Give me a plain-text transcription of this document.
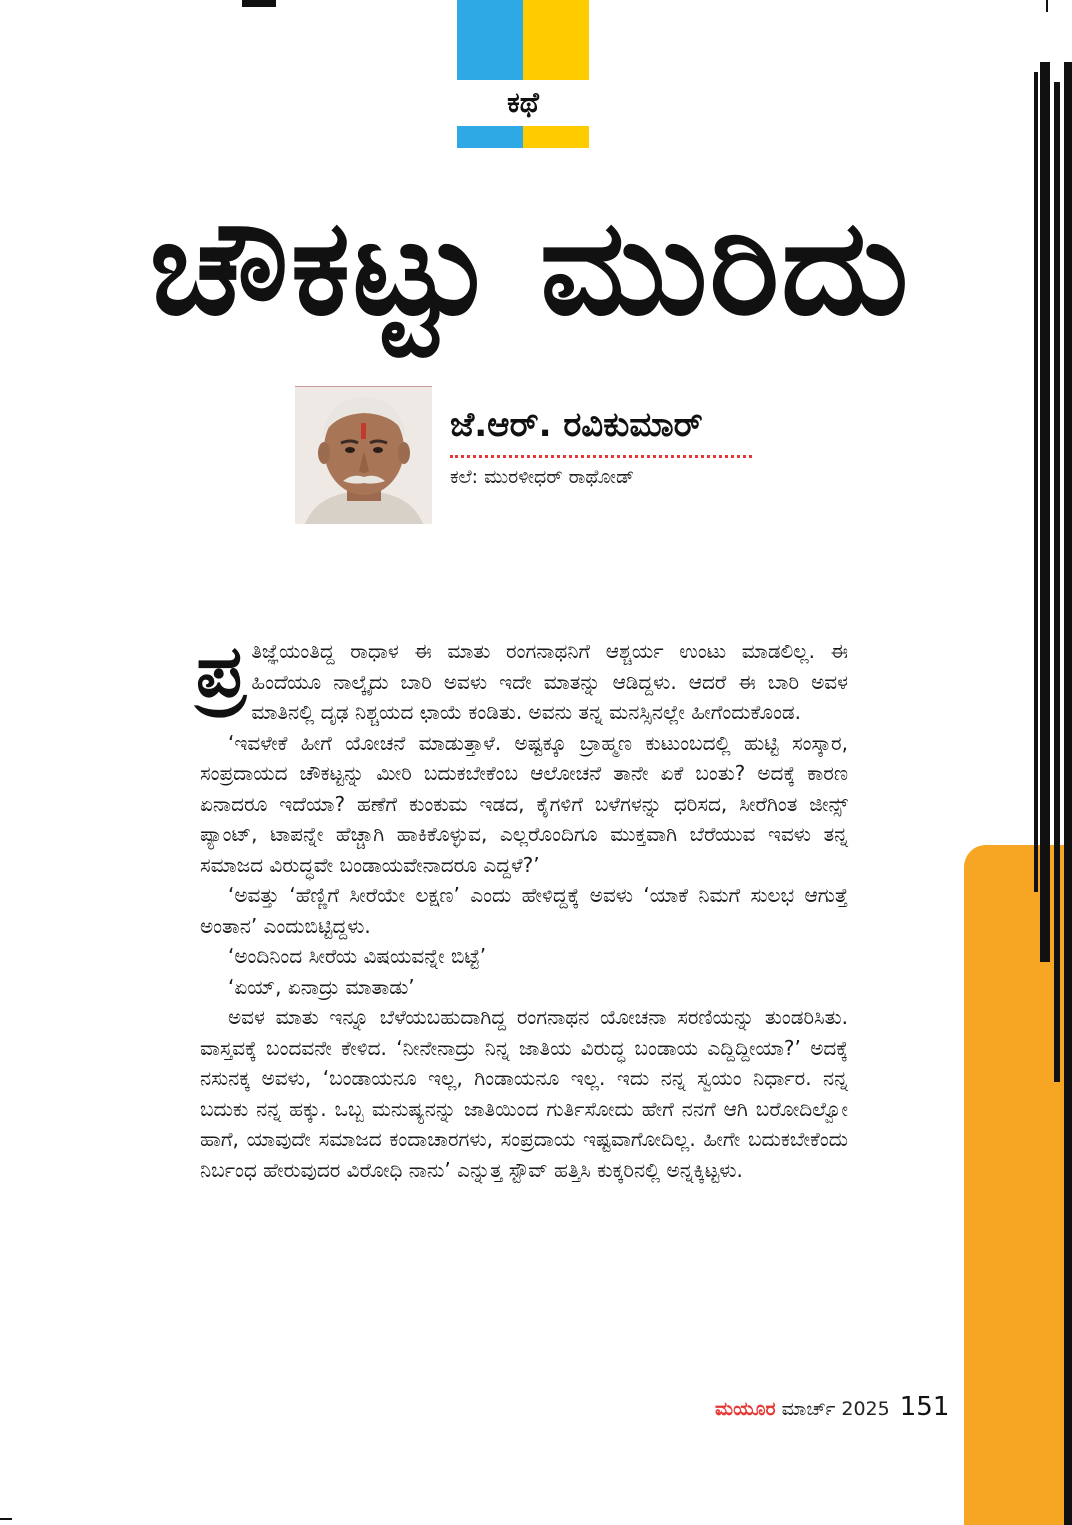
ಕಥೆ
ಚೌಕಟ್ಟು ಮುರಿದು
ಜೆ.ಆರ್. ರವಿಕುಮಾರ್
ಕಲೆ: ಮುರಳೀಧರ್ ರಾಥೋಡ್

ಪ್ರ ತಿಜ್ಞೆಯಂತಿದ್ದ ರಾಧಾಳ ಈ ಮಾತು ರಂಗನಾಥನಿಗೆ ಆಶ್ಚರ್ಯ ಉಂಟು ಮಾಡಲಿಲ್ಲ. ಈ ಹಿಂದೆಯೂ ನಾಲ್ಕೈದು ಬಾರಿ ಅವಳು ಇದೇ ಮಾತನ್ನು ಆಡಿದ್ದಳು. ಆದರೆ ಈ ಬಾರಿ ಅವಳ ಮಾತಿನಲ್ಲಿ ದೃಢ ನಿಶ್ಚಯದ ಛಾಯೆ ಕಂಡಿತು. ಅವನು ತನ್ನ ಮನಸ್ಸಿನಲ್ಲೇ ಹೀಗೆಂದುಕೊಂಡ.

‘ಇವಳೇಕೆ ಹೀಗೆ ಯೋಚನೆ ಮಾಡುತ್ತಾಳೆ. ಅಷ್ಟಕ್ಕೂ ಬ್ರಾಹ್ಮಣ ಕುಟುಂಬದಲ್ಲಿ ಹುಟ್ಟಿ ಸಂಸ್ಕಾರ, ಸಂಪ್ರದಾಯದ ಚೌಕಟ್ಟನ್ನು ಮೀರಿ ಬದುಕಬೇಕೆಂಬ ಆಲೋಚನೆ ತಾನೇ ಏಕೆ ಬಂತು? ಅದಕ್ಕೆ ಕಾರಣ ಏನಾದರೂ ಇದೆಯಾ? ಹಣೆಗೆ ಕುಂಕುಮ ಇಡದ, ಕೈಗಳಿಗೆ ಬಳೆಗಳನ್ನು ಧರಿಸದ, ಸೀರೆಗಿಂತ ಜೀನ್ಸ್ ಪ್ಯಾಂಟ್, ಟಾಪನ್ನೇ ಹೆಚ್ಚಾಗಿ ಹಾಕಿಕೊಳ್ಳುವ, ಎಲ್ಲರೊಂದಿಗೂ ಮುಕ್ತವಾಗಿ ಬೆರೆಯುವ ಇವಳು ತನ್ನ ಸಮಾಜದ ವಿರುದ್ಧವೇ ಬಂಡಾಯವೇನಾದರೂ ಎದ್ದಳೆ?’

‘ಅವತ್ತು ‘ಹೆಣ್ಣಿಗೆ ಸೀರೆಯೇ ಲಕ್ಷಣ’ ಎಂದು ಹೇಳಿದ್ದಕ್ಕೆ ಅವಳು ‘ಯಾಕೆ ನಿಮಗೆ ಸುಲಭ ಆಗುತ್ತೆ ಅಂತಾನ’ ಎಂದುಬಿಟ್ಟಿದ್ದಳು.

‘ಅಂದಿನಿಂದ ಸೀರೆಯ ವಿಷಯವನ್ನೇ ಬಿಟ್ಟೆ’

‘ಏಯ್, ಏನಾದ್ರು ಮಾತಾಡು’

ಅವಳ ಮಾತು ಇನ್ನೂ ಬೆಳೆಯಬಹುದಾಗಿದ್ದ ರಂಗನಾಥನ ಯೋಚನಾ ಸರಣಿಯನ್ನು ತುಂಡರಿಸಿತು. ವಾಸ್ತವಕ್ಕೆ ಬಂದವನೇ ಕೇಳಿದ. ‘ನೀನೇನಾದ್ರು ನಿನ್ನ ಜಾತಿಯ ವಿರುದ್ಧ ಬಂಡಾಯ ಎದ್ದಿದ್ದೀಯಾ?’ ಅದಕ್ಕೆ ನಸುನಕ್ಕ ಅವಳು, ‘ಬಂಡಾಯನೂ ಇಲ್ಲ, ಗಿಂಡಾಯನೂ ಇಲ್ಲ. ಇದು ನನ್ನ ಸ್ವಯಂ ನಿರ್ಧಾರ. ನನ್ನ ಬದುಕು ನನ್ನ ಹಕ್ಕು. ಒಬ್ಬ ಮನುಷ್ಯನನ್ನು ಜಾತಿಯಿಂದ ಗುರ್ತಿಸೋದು ಹೇಗೆ ನನಗೆ ಆಗಿ ಬರೋದಿಲ್ವೋ ಹಾಗೆ, ಯಾವುದೇ ಸಮಾಜದ ಕಂದಾಚಾರಗಳು, ಸಂಪ್ರದಾಯ ಇಷ್ಟವಾಗೋದಿಲ್ಲ. ಹೀಗೇ ಬದುಕಬೇಕೆಂದು ನಿರ್ಬಂಧ ಹೇರುವುದರ ವಿರೋಧಿ ನಾನು’ ಎನ್ನುತ್ತ ಸ್ಟೌವ್ ಹತ್ತಿಸಿ ಕುಕ್ಕರಿನಲ್ಲಿ ಅನ್ನಕ್ಕಿಟ್ಟಳು.

ಮಯೂರ ಮಾರ್ಚ್ 2025 151
